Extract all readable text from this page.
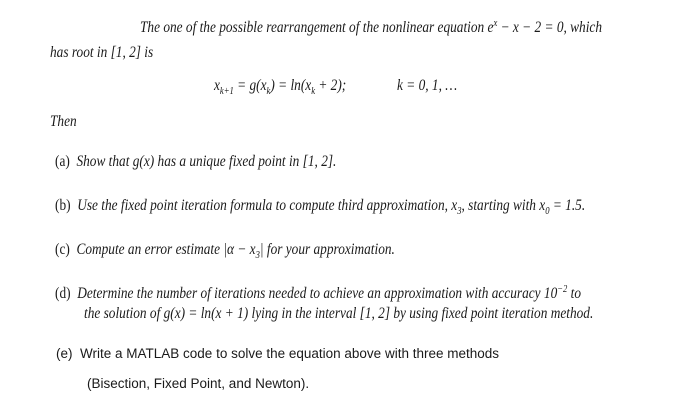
The one of the possible rearrangement of the nonlinear equation $e^x - x - 2 = 0$, which
has root in [1, 2] is
$x_{k+1} = g(x_k) = \ln(x_k + 2)$;	k = 0, 1, …
Then
(a) Show that g(x) has a unique fixed point in [1, 2].
(b) Use the fixed point iteration formula to compute third approximation, $x_3$, starting with $x_0 = 1.5$.
(c) Compute an error estimate $|\alpha - x_3|$ for your approximation.
(d) Determine the number of iterations needed to achieve an approximation with accuracy $10^{-2}$ to
the solution of g(x) = ln(x + 1) lying in the interval [1, 2] by using fixed point iteration method.
(e) Write a MATLAB code to solve the equation above with three methods
(Bisection, Fixed Point, and Newton).
